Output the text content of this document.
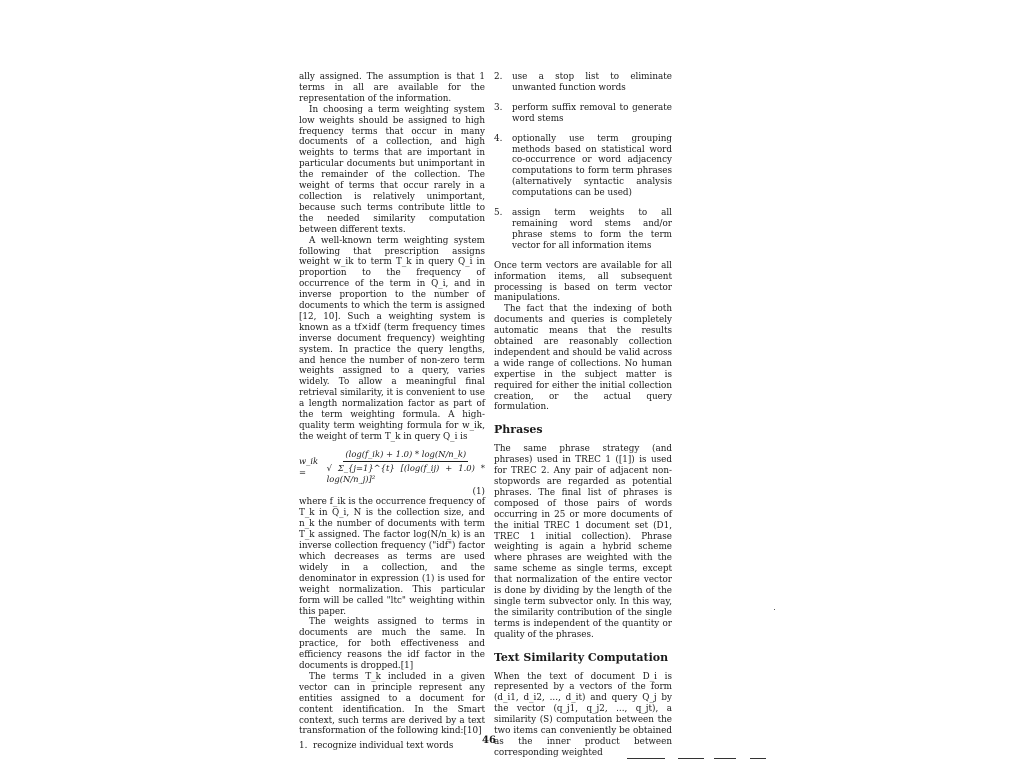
ally assigned. The assumption is that 1 terms in all are available for the representation of the information.

In choosing a term weighting system low weights should be assigned to high frequency terms that occur in many documents of a collection, and high weights to terms that are important in particular documents but unimportant in the remainder of the collection. The weight of terms that occur rarely in a collection is relatively unimportant, because such terms contribute little to the needed similarity computation between different texts.

A well-known term weighting system following that prescription assigns weight w_ik to term T_k in query Q_i in proportion to the frequency of occurrence of the term in Q_i, and in inverse proportion to the number of documents to which the term is assigned [12, 10]. Such a weighting system is known as a tf×idf (term frequency times inverse document frequency) weighting system. In practice the query lengths, and hence the number of non-zero term weights assigned to a query, varies widely. To allow a meaningful final retrieval similarity, it is convenient to use a length normalization factor as part of the term weighting formula. A high-quality term weighting formula for w_ik, the weight of term T_k in query Q_i is

w_ik =	$\frac{(\log(f\_ik) + 1.0) * \log(N/n\_k)}{\text{√ Σ\_\{j=1\}\textasciicircum{}\{t\} [(log(f\_ij) + 1.0) * log(N/n\_j)]²}}$

(1)

where f_ik is the occurrence frequency of T_k in Q_i, N is the collection size, and n_k the number of documents with term T_k assigned. The factor log(N/n_k) is an inverse collection frequency ("idf") factor which decreases as terms are used widely in a collection, and the denominator in expression (1) is used for weight normalization. This particular form will be called "ltc" weighting within this paper.

The weights assigned to terms in documents are much the same. In practice, for both effectiveness and efficiency reasons the idf factor in the documents is dropped.[1]

The terms T_k included in a given vector can in principle represent any entities assigned to a document for content identification. In the Smart context, such terms are derived by a text transformation of the following kind:[10]

1. recognize individual text words
2.	use a stop list to eliminate unwanted function words
3.	perform suffix removal to generate word stems
4.	optionally use term grouping methods based on statistical word co-occurrence or word adjacency computations to form term phrases (alternatively syntactic analysis computations can be used)
5.	assign term weights to all remaining word stems and/or phrase stems to form the term vector for all information items

Once term vectors are available for all information items, all subsequent processing is based on term vector manipulations.

The fact that the indexing of both documents and queries is completely automatic means that the results obtained are reasonably collection independent and should be valid across a wide range of collections. No human expertise in the subject matter is required for either the initial collection creation, or the actual query formulation.

Phrases

The same phrase strategy (and phrases) used in TREC 1 ([1]) is used for TREC 2. Any pair of adjacent non-stopwords are regarded as potential phrases. The final list of phrases is composed of those pairs of words occurring in 25 or more documents of the initial TREC 1 document set (D1, TREC 1 initial collection). Phrase weighting is again a hybrid scheme where phrases are weighted with the same scheme as single terms, except that normalization of the entire vector is done by dividing by the length of the single term subvector only. In this way, the similarity contribution of the single terms is independent of the quantity or quality of the phrases.

Text Similarity Computation

When the text of document D_i is represented by a vectors of the form (d_i1, d_i2, ..., d_it) and query Q_j by the vector (q_j1, q_j2, ..., q_jt), a similarity (S) computation between the two items can conveniently be obtained as the inner product between corresponding weighted

46
